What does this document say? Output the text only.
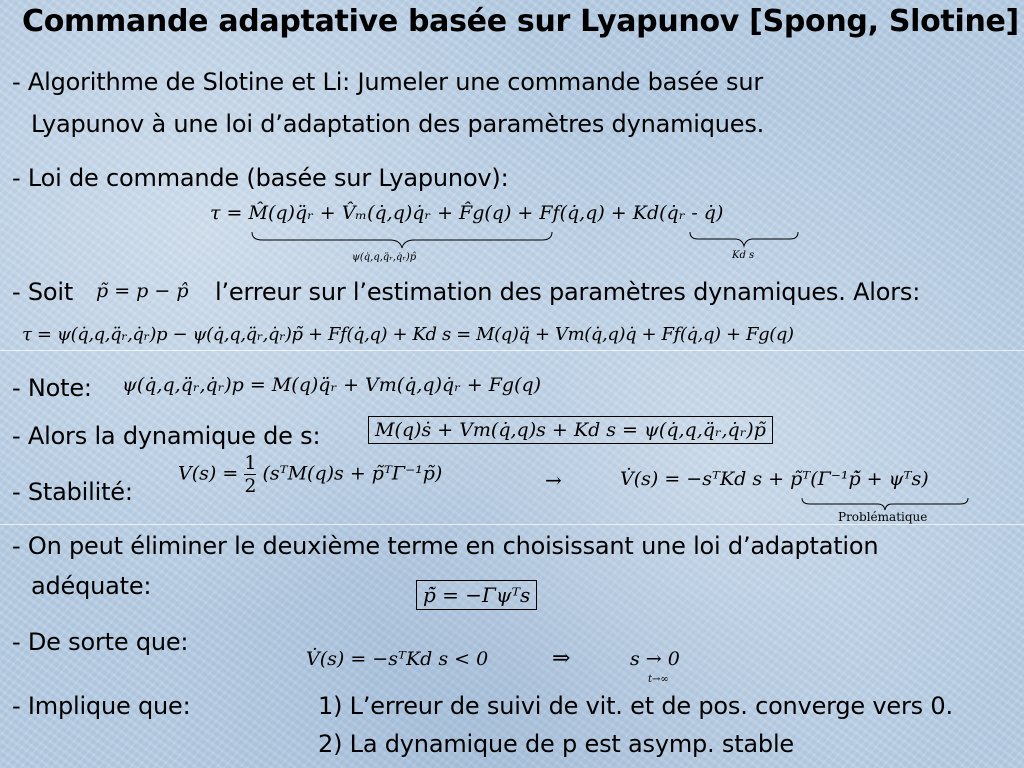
Commande adaptative basée sur Lyapunov [Spong, Slotine]
- Algorithme de Slotine et Li: Jumeler une commande basée sur
Lyapunov à une loi d’adaptation des paramètres dynamiques.
- Loi de commande (basée sur Lyapunov):
τ = M̂(q)q̈ᵣ + V̂ₘ(q̇,q)q̇ᵣ + F̂g(q) + Ff(q̇,q) + Kd(q̇ᵣ - q̇)
ψ(q̇,q,q̈ᵣ,q̇ᵣ)p̂	Kd s
- Soit p̃ = p − p̂ l’erreur sur l’estimation des paramètres dynamiques. Alors:
τ = ψ(q̇,q,q̈ᵣ,q̇ᵣ)p − ψ(q̇,q,q̈ᵣ,q̇ᵣ)p̃ + Ff(q̇,q) + Kd s = M(q)q̈ + Vm(q̇,q)q̇ + Ff(q̇,q) + Fg(q)
- Note: ψ(q̇,q,q̈ᵣ,q̇ᵣ)p = M(q)q̈ᵣ + Vm(q̇,q)q̇ᵣ + Fg(q)
- Alors la dynamique de s:	M(q)ṡ + Vm(q̇,q)s + Kd s = ψ(q̇,q,q̈ᵣ,q̇ᵣ)p̃
- Stabilité:
$V(s) = \frac{1}{2}$ (sᵀM(q)s + p̃ᵀΓ⁻¹p̃)	→	V̇(s) = −sᵀKd s + p̃ᵀ(Γ⁻¹p̃̇ + ψᵀs)
Problématique
- On peut éliminer le deuxième terme en choisissant une loi d’adaptation
adéquate:	p̃̇ = −Γψᵀs
- De sorte que:
V̇(s) = −sᵀKd s < 0	⇒	s → 0
t→∞
- Implique que:	1) L’erreur de suivi de vit. et de pos. converge vers 0.
2) La dynamique de p est asymp. stable
